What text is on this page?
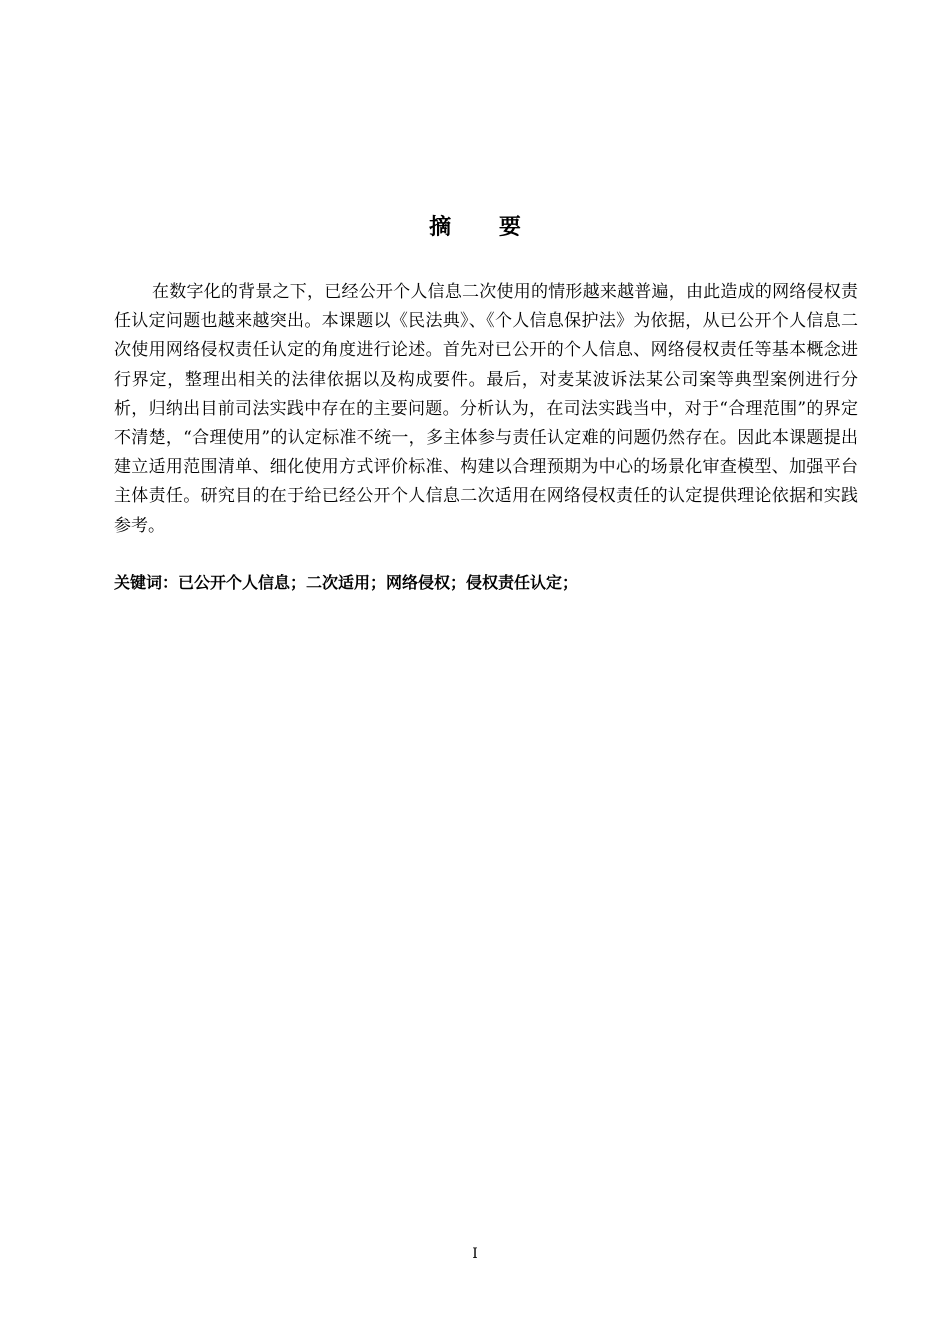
摘 要

在数字化的背景之下，已经公开个人信息二次使用的情形越来越普遍，由此造成的网络侵权责任认定问题也越来越突出。本课题以《民法典》、《个人信息保护法》为依据，从已公开个人信息二次使用网络侵权责任认定的角度进行论述。首先对已公开的个人信息、网络侵权责任等基本概念进行界定，整理出相关的法律依据以及构成要件。最后，对麦某波诉法某公司案等典型案例进行分析，归纳出目前司法实践中存在的主要问题。分析认为，在司法实践当中，对于“合理范围”的界定不清楚，“合理使用”的认定标准不统一，多主体参与责任认定难的问题仍然存在。因此本课题提出建立适用范围清单、细化使用方式评价标准、构建以合理预期为中心的场景化审查模型、加强平台主体责任。研究目的在于给已经公开个人信息二次适用在网络侵权责任的认定提供理论依据和实践参考。

关键词：已公开个人信息；二次适用；网络侵权；侵权责任认定；
I
